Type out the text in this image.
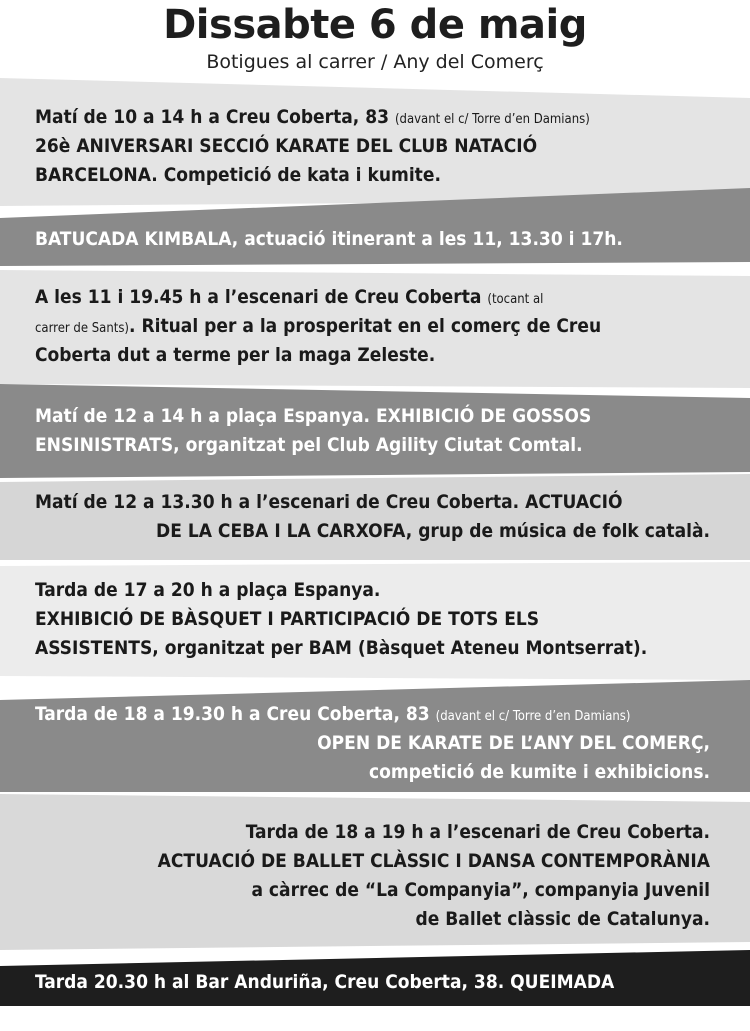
Dissabte 6 de maig
Botigues al carrer / Any del Comerç
Matí de 10 a 14 h a Creu Coberta, 83 (davant el c/ Torre d’en Damians)
26è ANIVERSARI SECCIÓ KARATE DEL CLUB NATACIÓ
BARCELONA. Competició de kata i kumite.
BATUCADA KIMBALA, actuació itinerant a les 11, 13.30 i 17h.
A les 11 i 19.45 h a l’escenari de Creu Coberta (tocant al
carrer de Sants). Ritual per a la prosperitat en el comerç de Creu
Coberta dut a terme per la maga Zeleste.
Matí de 12 a 14 h a plaça Espanya. EXHIBICIÓ DE GOSSOS
ENSINISTRATS, organitzat pel Club Agility Ciutat Comtal.
Matí de 12 a 13.30 h a l’escenari de Creu Coberta. ACTUACIÓ
DE LA CEBA I LA CARXOFA, grup de música de folk català.
Tarda de 17 a 20 h a plaça Espanya.
EXHIBICIÓ DE BÀSQUET I PARTICIPACIÓ DE TOTS ELS
ASSISTENTS, organitzat per BAM (Bàsquet Ateneu Montserrat).
Tarda de 18 a 19.30 h a Creu Coberta, 83 (davant el c/ Torre d’en Damians)
OPEN DE KARATE DE L’ANY DEL COMERÇ,
competició de kumite i exhibicions.
Tarda de 18 a 19 h a l’escenari de Creu Coberta.
ACTUACIÓ DE BALLET CLÀSSIC I DANSA CONTEMPORÀNIA
a càrrec de “La Companyia”, companyia Juvenil
de Ballet clàssic de Catalunya.
Tarda 20.30 h al Bar Anduriña, Creu Coberta, 38. QUEIMADA
